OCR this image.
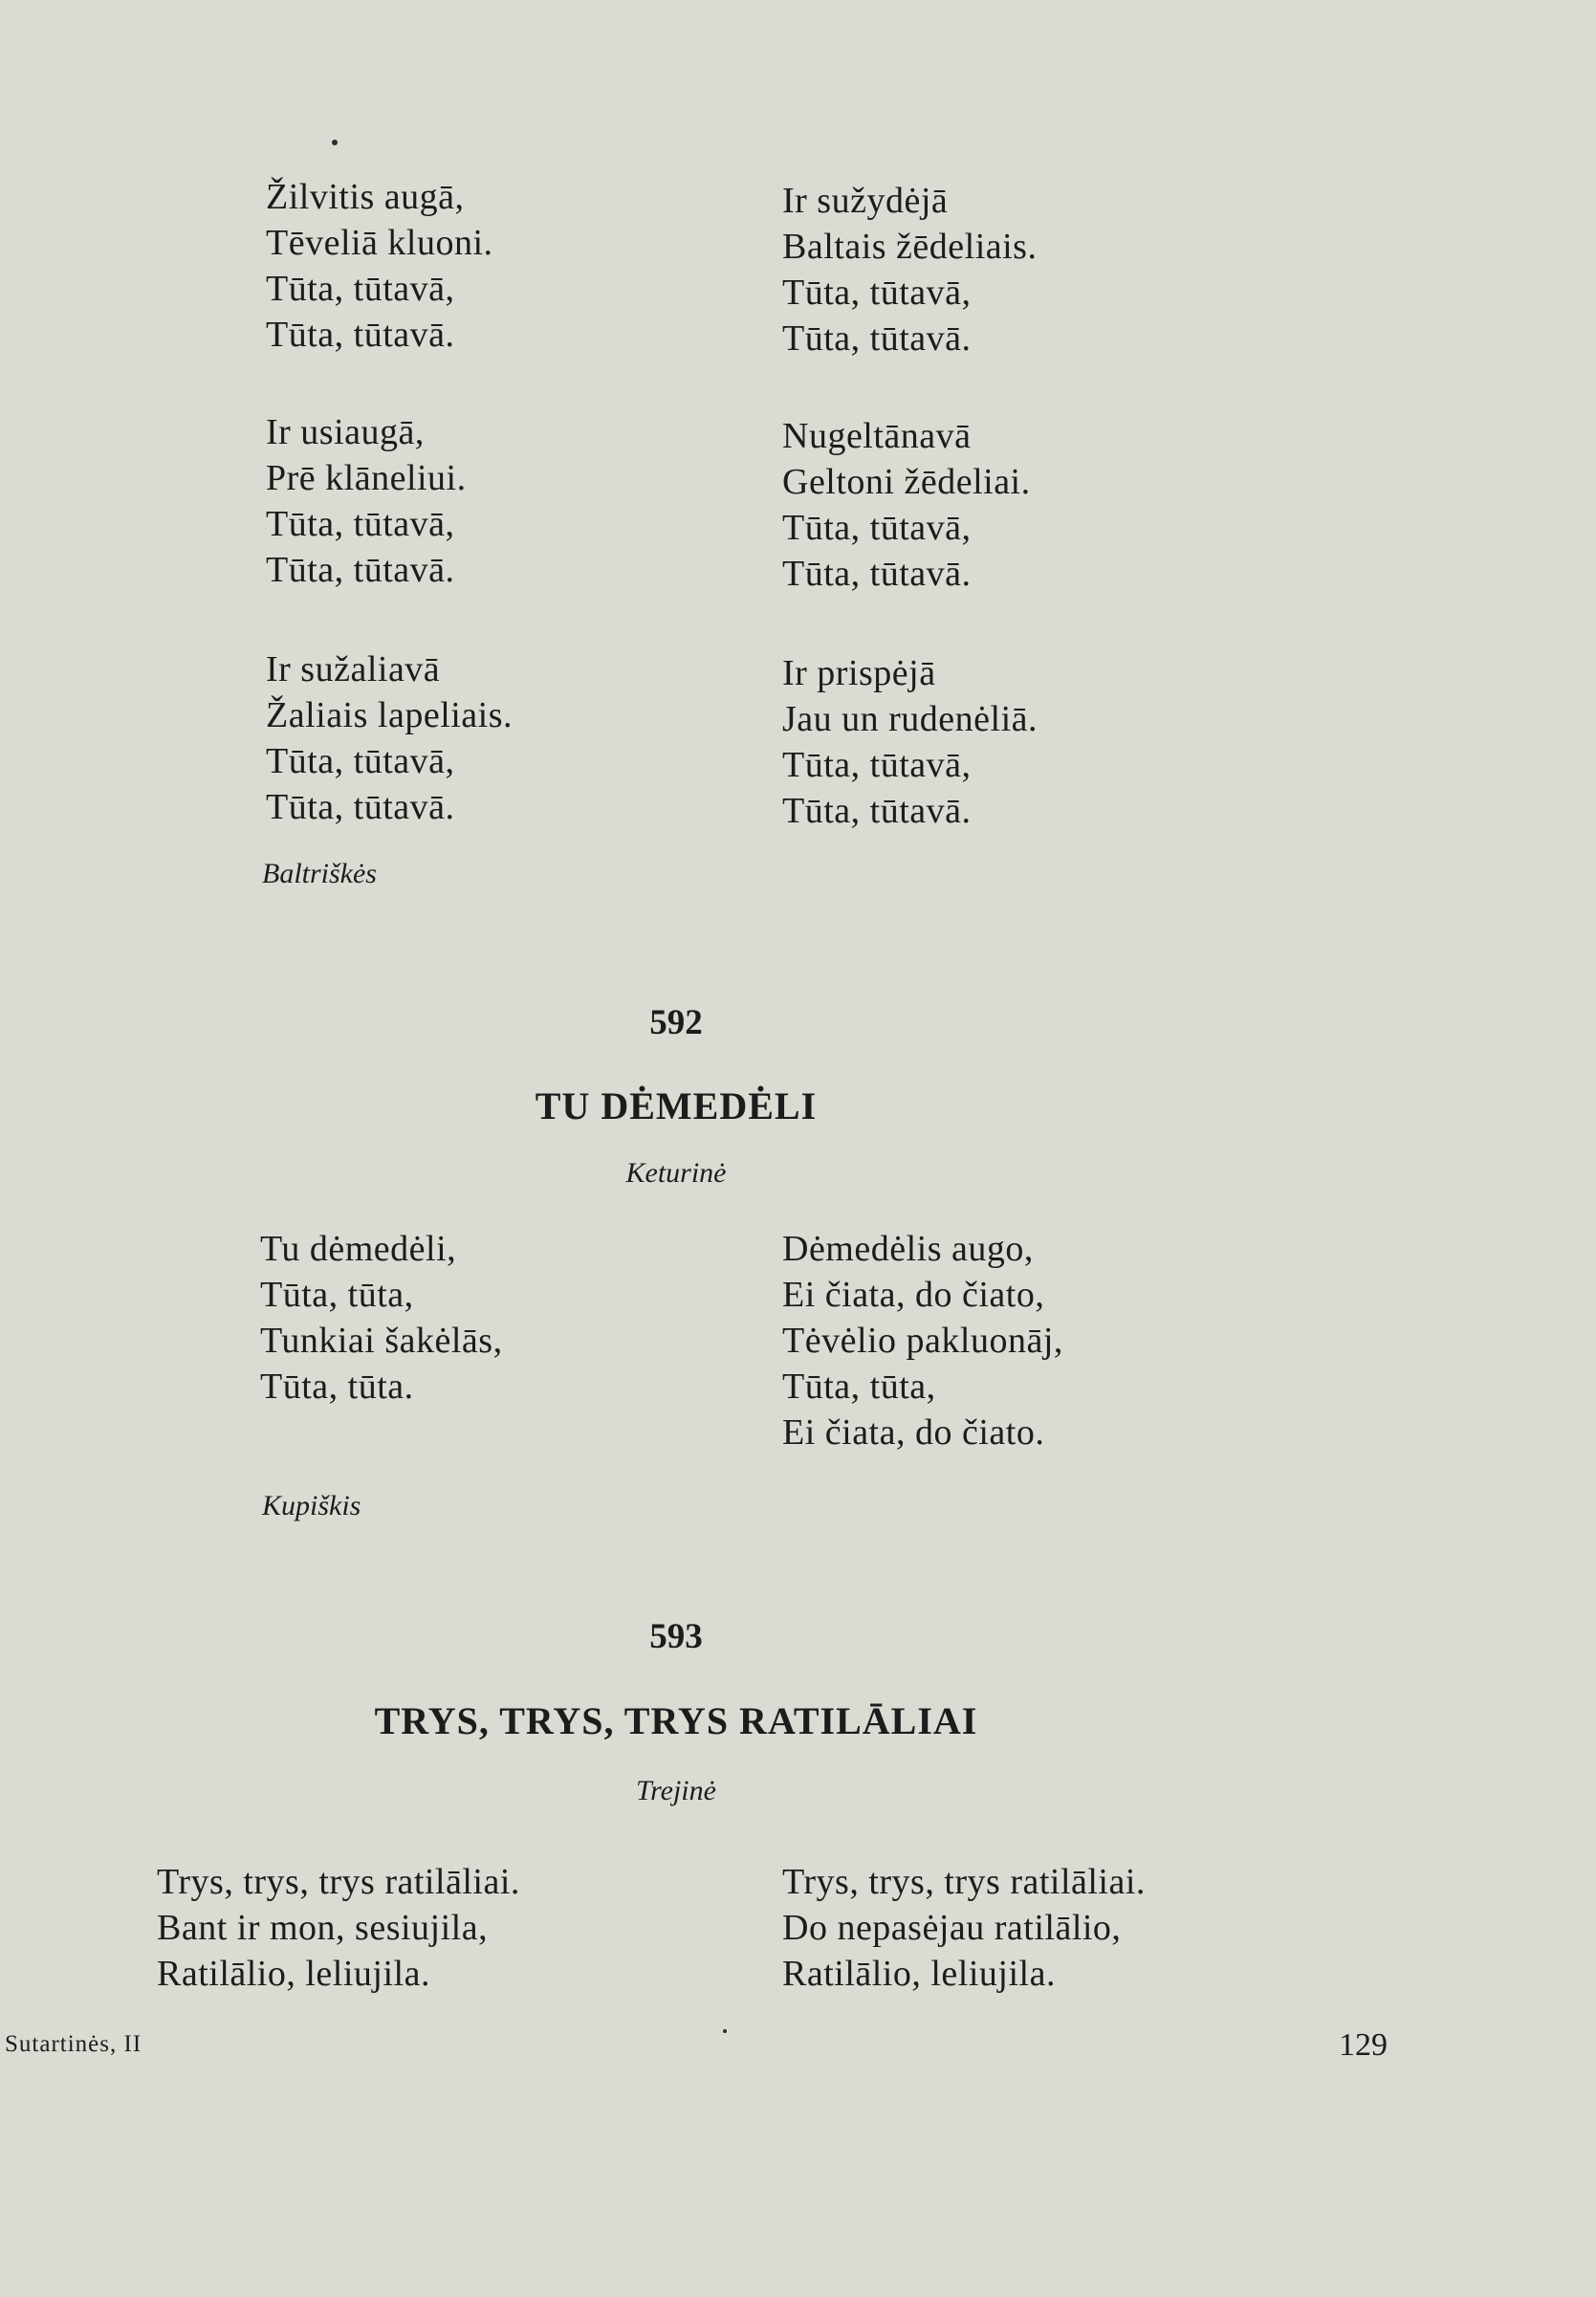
Žilvitis augā,
Tēveliā kluoni.
Tūta, tūtavā,
Tūta, tūtavā.
Ir usiaugā,
Prē klāneliui.
Tūta, tūtavā,
Tūta, tūtavā.
Ir sužaliavā
Žaliais lapeliais.
Tūta, tūtavā,
Tūta, tūtavā.
Ir sužydėjā
Baltais žēdeliais.
Tūta, tūtavā,
Tūta, tūtavā.
Nugeltānavā
Geltoni žēdeliai.
Tūta, tūtavā,
Tūta, tūtavā.
Ir prispėjā
Jau un rudenėliā.
Tūta, tūtavā,
Tūta, tūtavā.
Baltriškės
592
TU DĖMEDĖLI
Keturinė
Tu dėmedėli,
Tūta, tūta,
Tunkiai šakėlās,
Tūta, tūta.
Dėmedėlis augo,
Ei čiata, do čiato,
Tėvėlio pakluonāj,
Tūta, tūta,
Ei čiata, do čiato.
Kupiškis
593
TRYS, TRYS, TRYS RATILĀLIAI
Trejinė
Trys, trys, trys ratilāliai.
Bant ir mon, sesiujila,
Ratilālio, leliujila.
Trys, trys, trys ratilāliai.
Do nepasėjau ratilālio,
Ratilālio, leliujila.
Sutartinės, II	129
